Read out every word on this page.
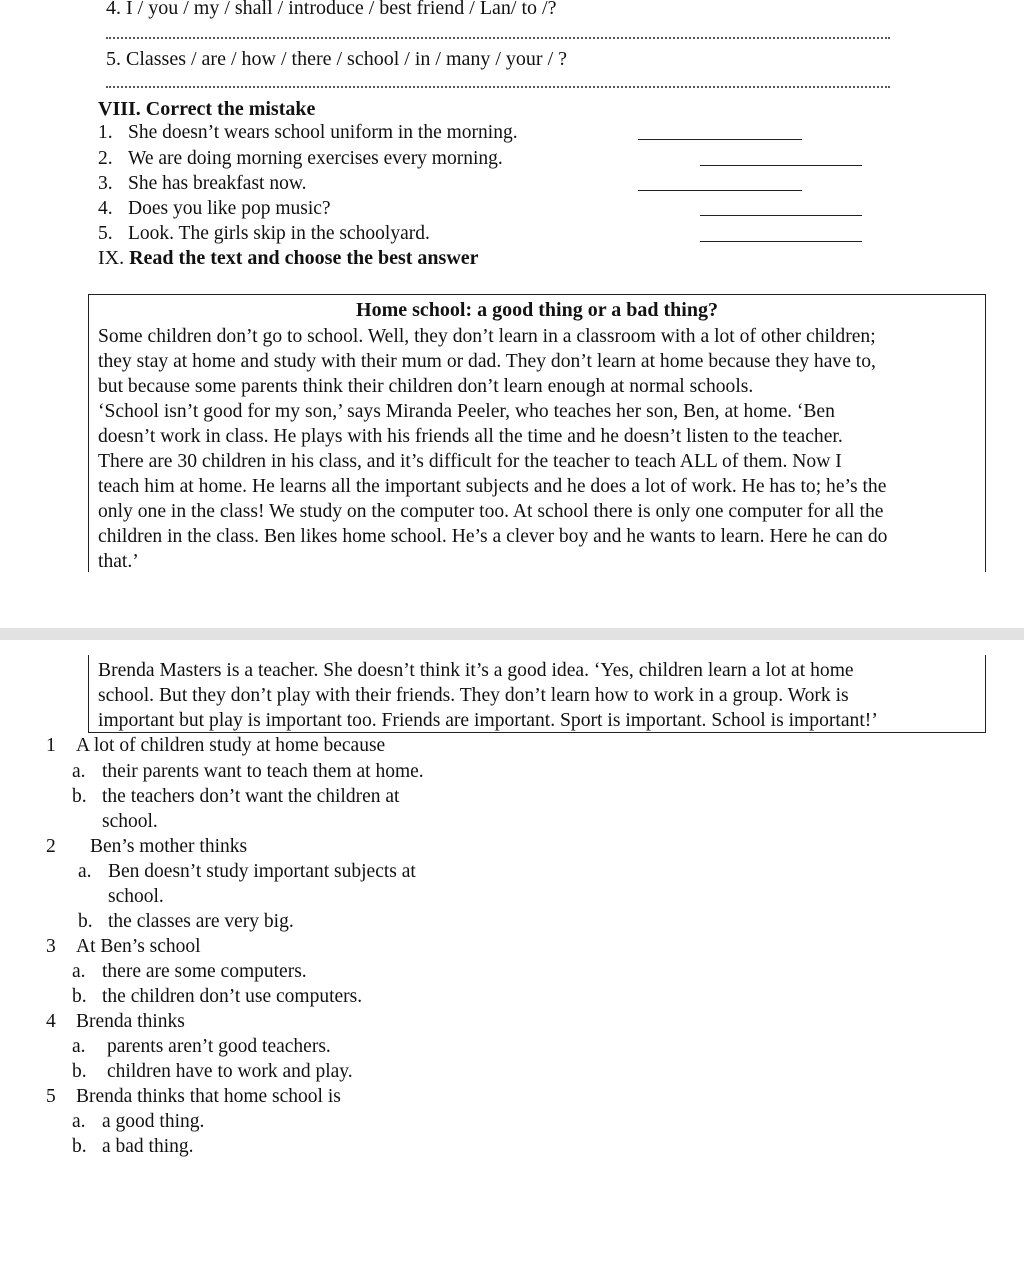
4. I / you / my / shall / introduce / best friend / Lan/ to /?
5. Classes / are / how / there / school / in / many / your / ?
VIII. Correct the mistake
1. She doesn’t wears school uniform in the morning.
2. We are doing morning exercises every morning.
3. She has breakfast now.
4. Does you like pop music?
5. Look. The girls skip in the schoolyard.
IX. Read the text and choose the best answer
Home school: a good thing or a bad thing?
Some children don’t go to school. Well, they don’t learn in a classroom with a lot of other children;
they stay at home and study with their mum or dad. They don’t learn at home because they have to,
but because some parents think their children don’t learn enough at normal schools.
‘School isn’t good for my son,’ says Miranda Peeler, who teaches her son, Ben, at home. ‘Ben
doesn’t work in class. He plays with his friends all the time and he doesn’t listen to the teacher.
There are 30 children in his class, and it’s difficult for the teacher to teach ALL of them. Now I
teach him at home. He learns all the important subjects and he does a lot of work. He has to; he’s the
only one in the class! We study on the computer too. At school there is only one computer for all the
children in the class. Ben likes home school. He’s a clever boy and he wants to learn. Here he can do
that.’
Brenda Masters is a teacher. She doesn’t think it’s a good idea. ‘Yes, children learn a lot at home
school. But they don’t play with their friends. They don’t learn how to work in a group. Work is
important but play is important too. Friends are important. Sport is important. School is important!’
1 A lot of children study at home because
a. their parents want to teach them at home.
b. the teachers don’t want the children at
school.
2 Ben’s mother thinks
a. Ben doesn’t study important subjects at
school.
b. the classes are very big.
3 At Ben’s school
a. there are some computers.
b. the children don’t use computers.
4 Brenda thinks
a. parents aren’t good teachers.
b. children have to work and play.
5 Brenda thinks that home school is
a. a good thing.
b. a bad thing.
